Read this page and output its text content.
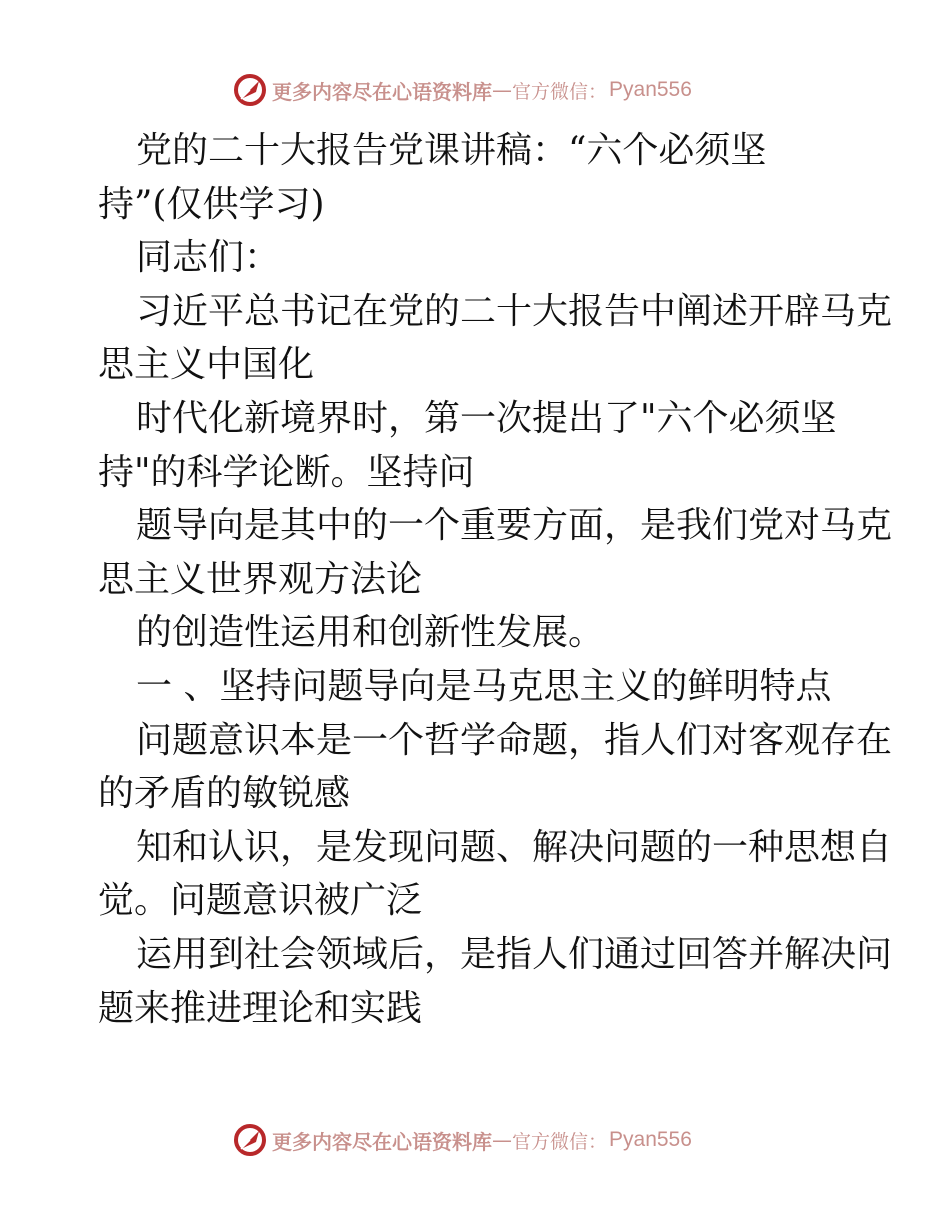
更多内容尽在心语资料库 — 官方微信： Pyan556
党的二十大报告党课讲稿：“六个必须坚
持”(仅供学习)
同志们：
习近平总书记在党的二十大报告中阐述开辟马克
思主义中国化
时代化新境界时，第一次提出了"六个必须坚
持"的科学论断。坚持问
题导向是其中的一个重要方面，是我们党对马克
思主义世界观方法论
的创造性运用和创新性发展。
一 、坚持问题导向是马克思主义的鲜明特点
问题意识本是一个哲学命题，指人们对客观存在
的矛盾的敏锐感
知和认识，是发现问题、解决问题的一种思想自
觉。问题意识被广泛
运用到社会领域后，是指人们通过回答并解决问
题来推进理论和实践
更多内容尽在心语资料库 — 官方微信： Pyan556
